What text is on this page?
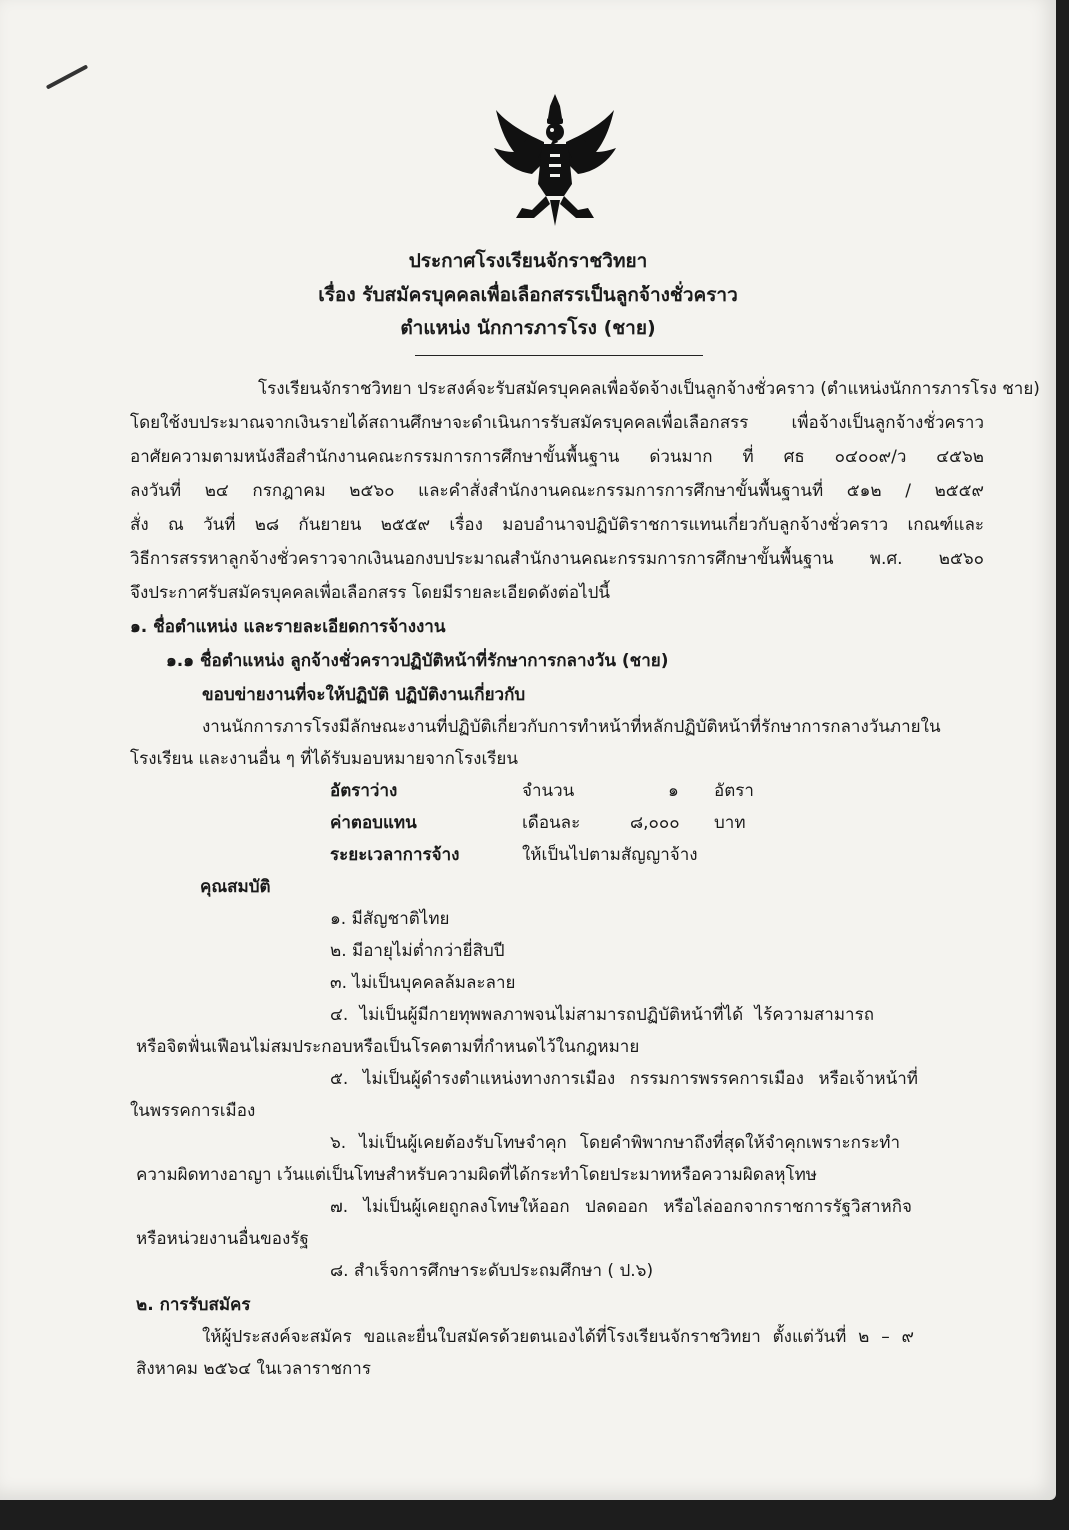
ประกาศโรงเรียนจักราชวิทยา
เรื่อง รับสมัครบุคคลเพื่อเลือกสรรเป็นลูกจ้างชั่วคราว
ตำแหน่ง นักการภารโรง (ชาย)
โรงเรียนจักราชวิทยา ประสงค์จะรับสมัครบุคคลเพื่อจัดจ้างเป็นลูกจ้างชั่วคราว (ตำแหน่งนักการภารโรง ชาย)
โดยใช้งบประมาณจากเงินรายได้สถานศึกษาจะดำเนินการรับสมัครบุคคลเพื่อเลือกสรร เพื่อจ้างเป็นลูกจ้างชั่วคราว
อาศัยความตามหนังสือสำนักงานคณะกรรมการการศึกษาขั้นพื้นฐาน ด่วนมาก ที่ ศธ ๐๔๐๐๙/ว ๔๕๖๒
ลงวันที่ ๒๔ กรกฎาคม ๒๕๖๐ และคำสั่งสำนักงานคณะกรรมการการศึกษาขั้นพื้นฐานที่ ๕๑๒ / ๒๕๕๙
สั่ง ณ วันที่ ๒๘ กันยายน ๒๕๕๙ เรื่อง มอบอำนาจปฏิบัติราชการแทนเกี่ยวกับลูกจ้างชั่วคราว เกณฑ์และ
วิธีการสรรหาลูกจ้างชั่วคราวจากเงินนอกงบประมาณสำนักงานคณะกรรมการการศึกษาขั้นพื้นฐาน พ.ศ. ๒๕๖๐
จึงประกาศรับสมัครบุคคลเพื่อเลือกสรร โดยมีรายละเอียดดังต่อไปนี้
๑. ชื่อตำแหน่ง และรายละเอียดการจ้างงาน
๑.๑ ชื่อตำแหน่ง ลูกจ้างชั่วคราวปฏิบัติหน้าที่รักษาการกลางวัน (ชาย)
ขอบข่ายงานที่จะให้ปฏิบัติ ปฏิบัติงานเกี่ยวกับ
งานนักการภารโรงมีลักษณะงานที่ปฏิบัติเกี่ยวกับการทำหน้าที่หลักปฏิบัติหน้าที่รักษาการกลางวันภายใน
โรงเรียน และงานอื่น ๆ ที่ได้รับมอบหมายจากโรงเรียน
อัตราว่าง	จำนวน	๑ อัตรา
ค่าตอบแทน	เดือนละ	๘,๐๐๐ บาท
ระยะเวลาการจ้าง	ให้เป็นไปตามสัญญาจ้าง
คุณสมบัติ
๑. มีสัญชาติไทย
๒. มีอายุไม่ต่ำกว่ายี่สิบปี
๓. ไม่เป็นบุคคลล้มละลาย
๔. ไม่เป็นผู้มีกายทุพพลภาพจนไม่สามารถปฏิบัติหน้าที่ได้ ไร้ความสามารถ
หรือจิตฟั่นเฟือนไม่สมประกอบหรือเป็นโรคตามที่กำหนดไว้ในกฎหมาย
๕. ไม่เป็นผู้ดำรงตำแหน่งทางการเมือง กรรมการพรรคการเมือง หรือเจ้าหน้าที่
ในพรรคการเมือง
๖. ไม่เป็นผู้เคยต้องรับโทษจำคุก โดยคำพิพากษาถึงที่สุดให้จำคุกเพราะกระทำ
ความผิดทางอาญา เว้นแต่เป็นโทษสำหรับความผิดที่ได้กระทำโดยประมาทหรือความผิดลหุโทษ
๗. ไม่เป็นผู้เคยถูกลงโทษให้ออก ปลดออก หรือไล่ออกจากราชการรัฐวิสาหกิจ
หรือหน่วยงานอื่นของรัฐ
๘. สำเร็จการศึกษาระดับประถมศึกษา ( ป.๖)
๒. การรับสมัคร
ให้ผู้ประสงค์จะสมัคร ขอและยื่นใบสมัครด้วยตนเองได้ที่โรงเรียนจักราชวิทยา ตั้งแต่วันที่ ๒ – ๙
สิงหาคม ๒๕๖๔ ในเวลาราชการ
